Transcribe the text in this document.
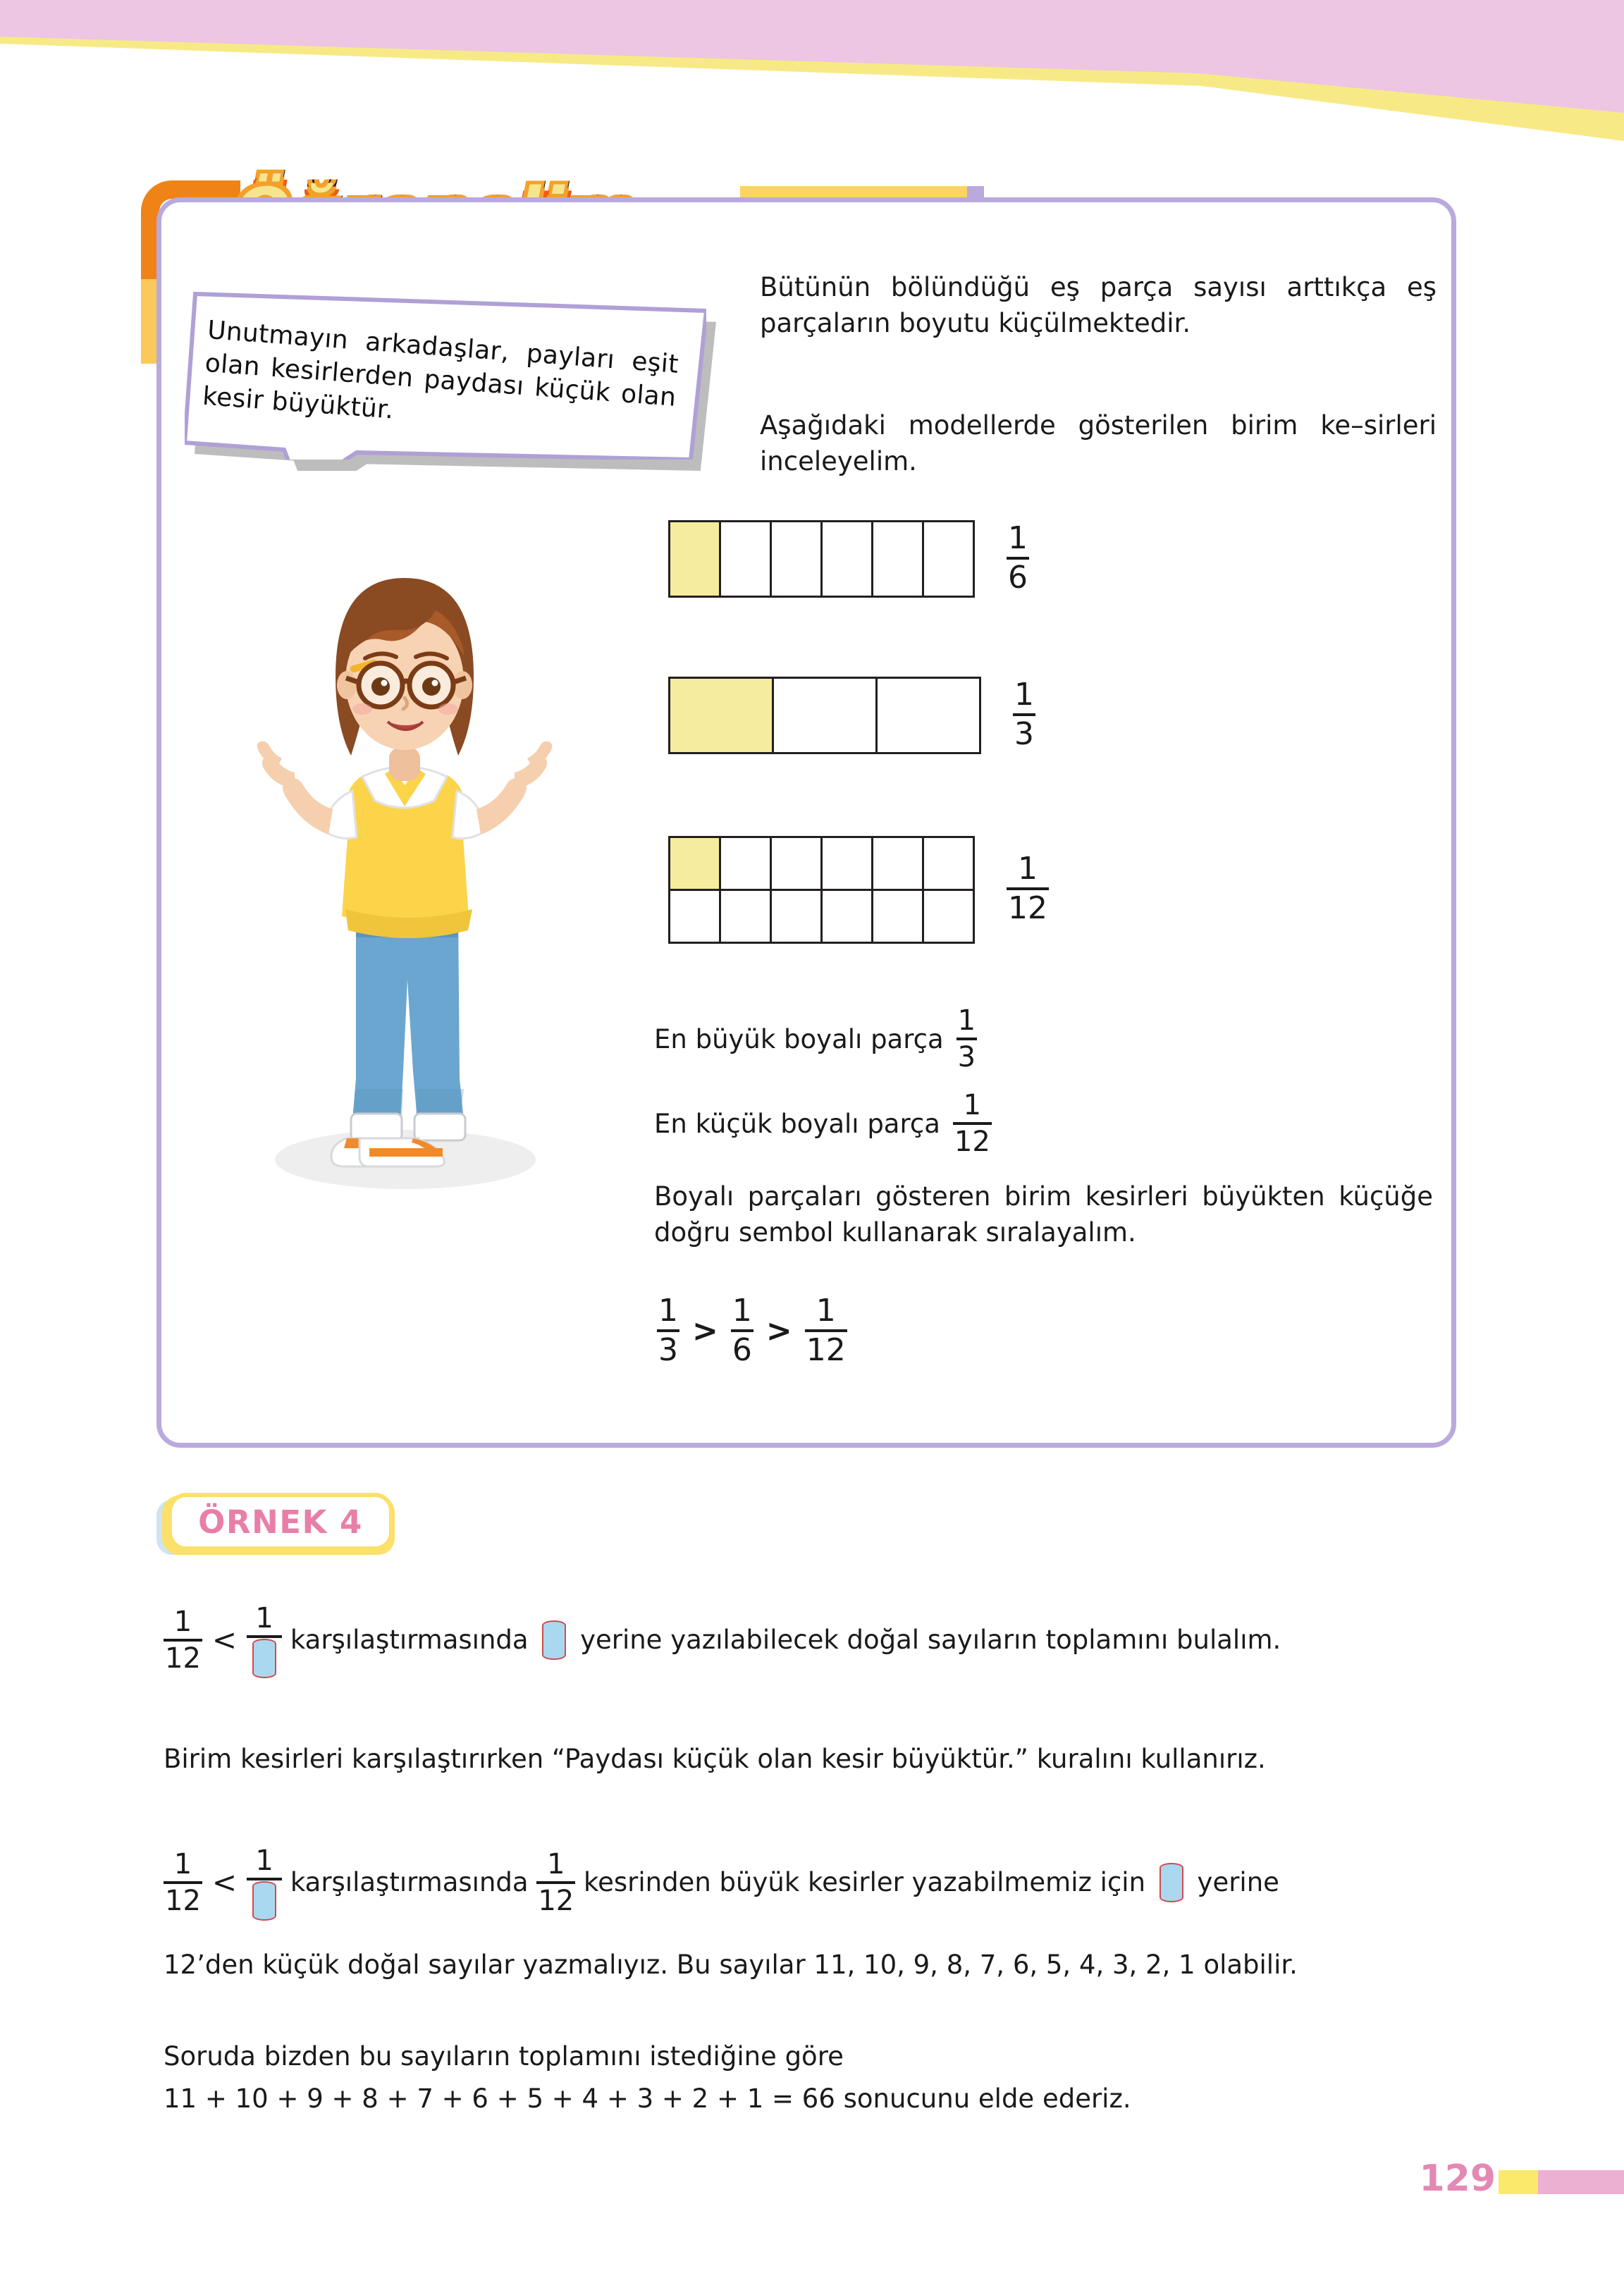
Unutmayın arkadaşlar, payları eşit olan kesirlerden paydası küçük olan kesir büyüktür.
Bütünün bölündüğü eş parça sayısı arttıkça eş parçaların boyutu küçülmektedir.
Aşağıdaki modellerde gösterilen birim ke–sirleri inceleyelim.
$\frac{1}{6}$
$\frac{1}{3}$
$\frac{1}{12}$
En büyük boyalı parça $\frac{1}{3}$
En küçük boyalı parça $\frac{1}{12}$
Boyalı parçaları gösteren birim kesirleri büyükten küçüğe doğru sembol kullanarak sıralayalım.
$\frac{1}{3} > \frac{1}{6} > \frac{1}{12}$
ÖRNEK 4
$\frac{1}{12}$ <
1
karşılaştırmasında yerine yazılabilecek doğal sayıların toplamını bulalım.
Birim kesirleri karşılaştırırken “Paydası küçük olan kesir büyüktür.” kuralını kullanırız.
$\frac{1}{12}$ <
1
karşılaştırmasında $\frac{1}{12}$ kesrinden büyük kesirler yazabilmemiz için yerine
12’den küçük doğal sayılar yazmalıyız. Bu sayılar 11, 10, 9, 8, 7, 6, 5, 4, 3, 2, 1 olabilir.
Soruda bizden bu sayıların toplamını istediğine göre
11 + 10 + 9 + 8 + 7 + 6 + 5 + 4 + 3 + 2 + 1 = 66 sonucunu elde ederiz.
129
